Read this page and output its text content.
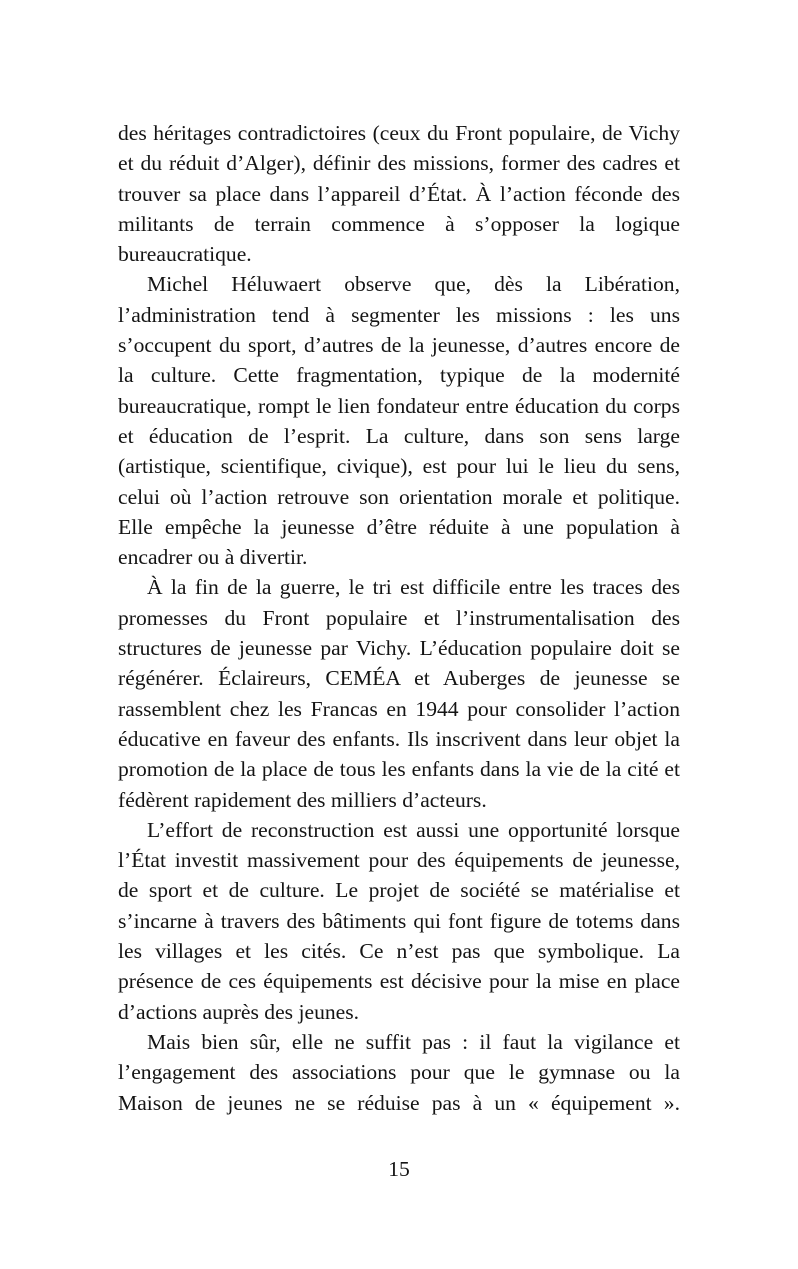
des héritages contradictoires (ceux du Front populaire, de Vichy et du réduit d’Alger), définir des missions, former des cadres et trouver sa place dans l’appareil d’État. À l’action féconde des militants de terrain commence à s’opposer la logique bureaucratique.

Michel Héluwaert observe que, dès la Libération, l’administration tend à segmenter les missions : les uns s’occupent du sport, d’autres de la jeunesse, d’autres encore de la culture. Cette fragmentation, typique de la modernité bureaucratique, rompt le lien fondateur entre éducation du corps et éducation de l’esprit. La culture, dans son sens large (artistique, scientifique, civique), est pour lui le lieu du sens, celui où l’action retrouve son orientation morale et politique. Elle empêche la jeunesse d’être réduite à une population à encadrer ou à divertir.

À la fin de la guerre, le tri est difficile entre les traces des promesses du Front populaire et l’instrumentalisation des structures de jeunesse par Vichy. L’éducation populaire doit se régénérer. Éclaireurs, CEMÉA et Auberges de jeunesse se rassemblent chez les Francas en 1944 pour consolider l’action éducative en faveur des enfants. Ils inscrivent dans leur objet la promotion de la place de tous les enfants dans la vie de la cité et fédèrent rapidement des milliers d’acteurs.

L’effort de reconstruction est aussi une opportunité lorsque l’État investit massivement pour des équipements de jeunesse, de sport et de culture. Le projet de société se matérialise et s’incarne à travers des bâtiments qui font figure de totems dans les villages et les cités. Ce n’est pas que symbolique. La présence de ces équipements est décisive pour la mise en place d’actions auprès des jeunes.

Mais bien sûr, elle ne suffit pas : il faut la vigilance et l’engagement des associations pour que le gymnase ou la Maison de jeunes ne se réduise pas à un « équipement ».

15
